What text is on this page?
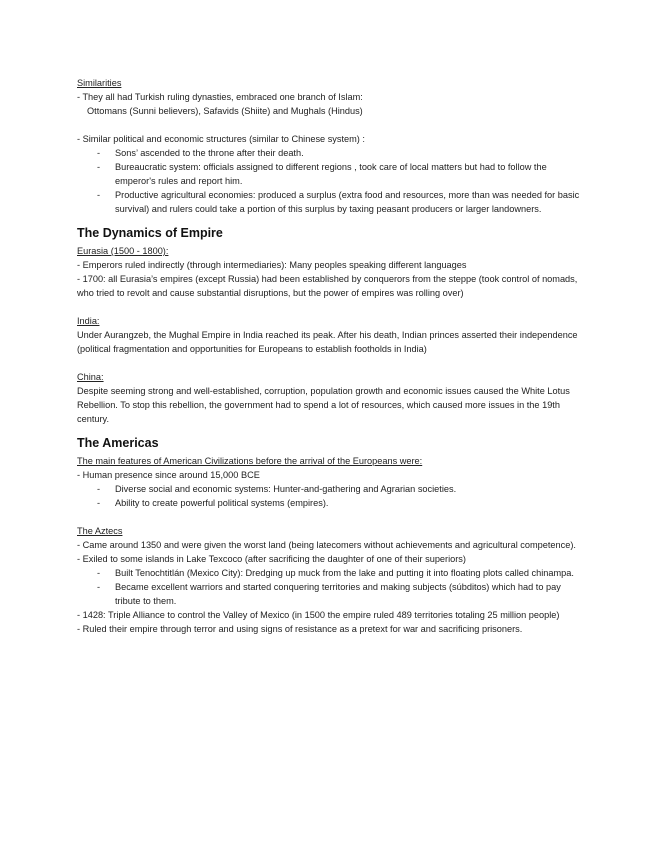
Similarities
- They all had Turkish ruling dynasties, embraced one branch of Islam:
Ottomans (Sunni believers), Safavids (Shiite) and Mughals (Hindus)
- Similar political and economic structures (similar to Chinese system) :
- Sons’ ascended to the throne after their death.
- Bureaucratic system: officials assigned to different regions , took care of local matters but had to follow the emperor's rules and report him.
- Productive agricultural economies: produced a surplus (extra food and resources, more than was needed for basic survival) and rulers could take a portion of this surplus by taxing peasant producers or larger landowners.
The Dynamics of Empire
Eurasia (1500 - 1800):
- Emperors ruled indirectly (through intermediaries): Many peoples speaking different languages
- 1700: all Eurasia’s empires (except Russia) had been established by conquerors from the steppe (took control of nomads, who tried to revolt and cause substantial disruptions, but the power of empires was rolling over)
India:
Under Aurangzeb, the Mughal Empire in India reached its peak. After his death, Indian princes asserted their independence (political fragmentation and opportunities for Europeans to establish footholds in India)
China:
Despite seeming strong and well-established, corruption, population growth and economic issues caused the White Lotus Rebellion. To stop this rebellion, the government had to spend a lot of resources, which caused more issues in the 19th century.
The Americas
The main features of American Civilizations before the arrival of the Europeans were:
- Human presence since around 15,000 BCE
- Diverse social and economic systems: Hunter-and-gathering and Agrarian societies.
- Ability to create powerful political systems (empires).
The Aztecs
- Came around 1350 and were given the worst land (being latecomers without achievements and agricultural competence).
- Exiled to some islands in Lake Texcoco (after sacrificing the daughter of one of their superiors)
- Built Tenochtitlán (Mexico City): Dredging up muck from the lake and putting it into floating plots called chinampa.
- Became excellent warriors and started conquering territories and making subjects (súbditos) which had to pay tribute to them.
- 1428: Triple Alliance to control the Valley of Mexico (in 1500 the empire ruled 489 territories totaling 25 million people)
- Ruled their empire through terror and using signs of resistance as a pretext for war and sacrificing prisoners.
